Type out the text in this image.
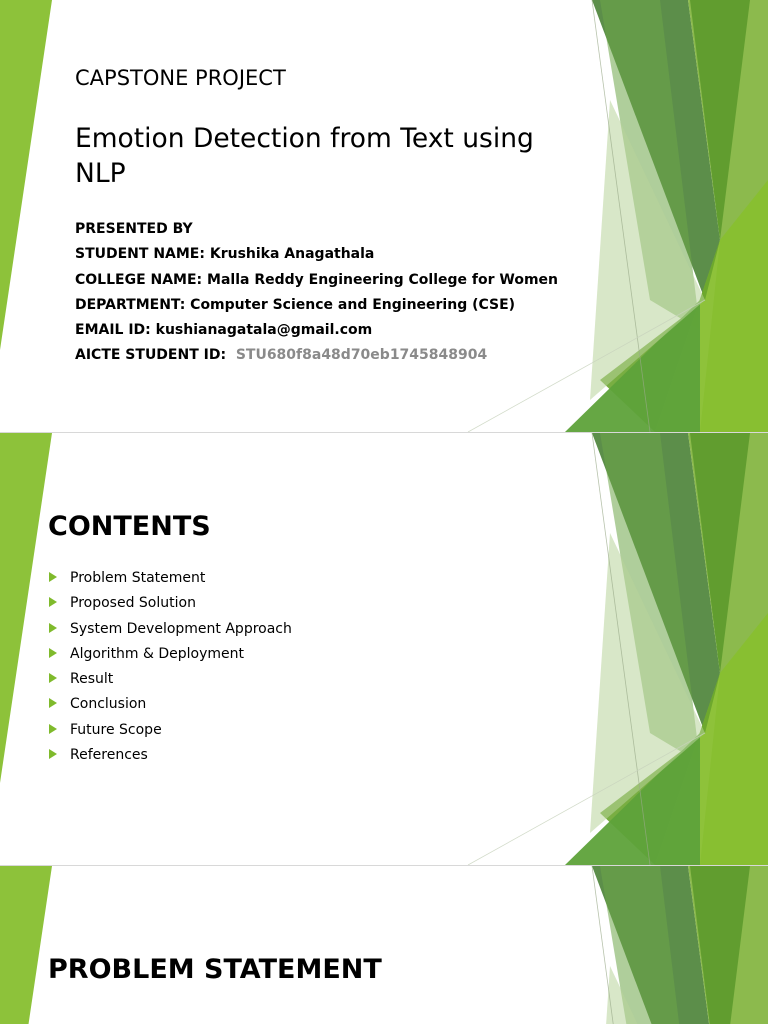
CAPSTONE PROJECT
Emotion Detection from Text using NLP
PRESENTED BY
STUDENT NAME: Krushika Anagathala
COLLEGE NAME: Malla Reddy Engineering College for Women
DEPARTMENT: Computer Science and Engineering (CSE)
EMAIL ID: kushianagatala@gmail.com
AICTE STUDENT ID: STU680f8a48d70eb1745848904
CONTENTS
Problem Statement
Proposed Solution
System Development Approach
Algorithm & Deployment
Result
Conclusion
Future Scope
References
PROBLEM STATEMENT
